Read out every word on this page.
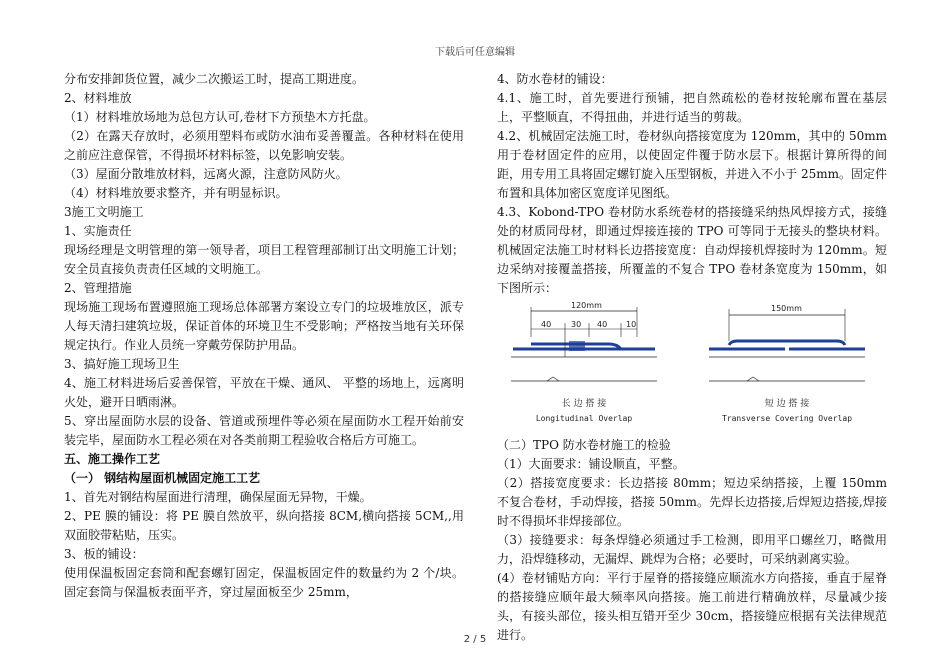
下载后可任意编辑

分布安排卸货位置，减少二次搬运工时，提高工期进度。

2、材料堆放

（1）材料堆放场地为总包方认可,卷材下方预垫木方托盘。

（2）在露天存放时，必须用塑料布或防水油布妥善覆盖。各种材料在使用之前应注意保管，不得损坏材料标签，以免影响安装。

（3）屋面分散堆放材料，远离火源，注意防风防火。

（4）材料堆放要求整齐，并有明显标识。

3施工文明施工

1、实施责任

现场经理是文明管理的第一领导者，项目工程管理部制订出文明施工计划；安全员直接负责责任区域的文明施工。

2、管理措施

现场施工现场布置遵照施工现场总体部署方案设立专门的垃圾堆放区，派专人每天清扫建筑垃圾，保证首体的环境卫生不受影响；严格按当地有关环保规定执行。作业人员统一穿戴劳保防护用品。

3、搞好施工现场卫生

4、施工材料进场后妥善保管，平放在干燥、通风、 平整的场地上，远离明火处，避开日晒雨淋。

5、穿出屋面防水层的设备、管道或预埋件等必须在屋面防水工程开始前安装完毕，屋面防水工程必须在对各类前期工程验收合格后方可施工。

五、施工操作工艺

（一） 钢结构屋面机械固定施工工艺

1、首先对钢结构屋面进行清理，确保屋面无异物，干燥。

2、PE 膜的铺设：将 PE 膜自然放平，纵向搭接 8CM,横向搭接 5CM,,用双面胶带粘贴，压实。

3、板的铺设：

使用保温板固定套筒和配套螺钉固定，保温板固定件的数量约为 2 个/块。固定套筒与保温板表面平齐，穿过屋面板至少 25mm，

4、防水卷材的铺设：

4.1、施工时，首先要进行预铺，把自然疏松的卷材按轮廓布置在基层上，平整顺直，不得扭曲，并进行适当的剪裁。

4.2、机械固定法施工时，卷材纵向搭接宽度为 120mm，其中的 50mm 用于卷材固定件的应用，以使固定件覆于防水层下。根据计算所得的间距，用专用工具将固定螺钉旋入压型钢板，并进入不小于 25mm。固定件布置和具体加密区宽度详见图纸。

4.3、Kobond-TPO 卷材防水系统卷材的搭接缝采纳热风焊接方式，接缝处的材质同母材，即通过焊接连接的 TPO 可等同于无接头的整块材料。机械固定法施工时材料长边搭接宽度：自动焊接机焊接时为 120mm。短边采纳对接覆盖搭接，所覆盖的不复合 TPO 卷材条宽度为 150mm，如下图所示：

120mm
40 30 40 10
长 边 搭 接
Longitudinal Overlap
150mm
短 边 搭 接
Transverse Covering Overlap

（二）TPO 防水卷材施工的检验

（1）大面要求：铺设顺直，平整。

（2）搭接宽度要求：长边搭接 80mm；短边采纳搭接，上覆 150mm 不复合卷材，手动焊接，搭接 50mm。先焊长边搭接,后焊短边搭接,焊接时不得损坏非焊接部位。

（3）接缝要求：每条焊缝必须通过手工检测，即用平口螺丝刀，略微用力，沿焊缝移动，无漏焊、跳焊为合格；必要时，可采纳剥离实验。

(4）卷材铺贴方向：平行于屋脊的搭接缝应顺流水方向搭接，垂直于屋脊的搭接缝应顺年最大频率风向搭接。施工前进行精确放样，尽量减少接头，有接头部位，接头相互错开至少 30cm，搭接缝应根据有关法律规范进行。

2 / 5
